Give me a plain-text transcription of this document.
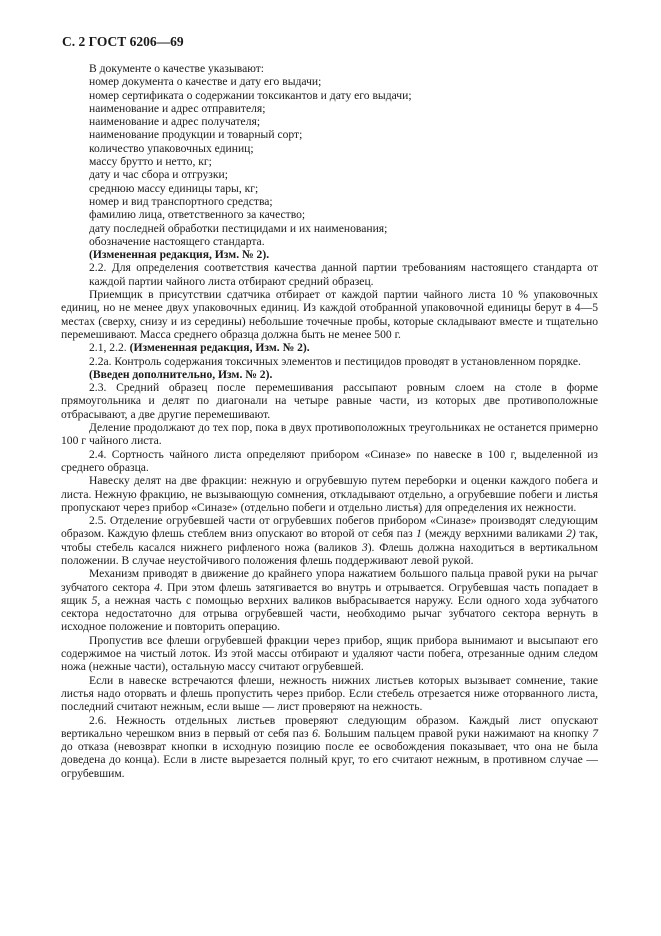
С. 2 ГОСТ 6206—69

В документе о качестве указывают:

номер документа о качестве и дату его выдачи;

номер сертификата о содержании токсикантов и дату его выдачи;

наименование и адрес отправителя;

наименование и адрес получателя;

наименование продукции и товарный сорт;

количество упаковочных единиц;

массу брутто и нетто, кг;

дату и час сбора и отгрузки;

среднюю массу единицы тары, кг;

номер и вид транспортного средства;

фамилию лица, ответственного за качество;

дату последней обработки пестицидами и их наименования;

обозначение настоящего стандарта.

(Измененная редакция, Изм. № 2).

2.2. Для определения соответствия качества данной партии требованиям настоящего стандарта от каждой партии чайного листа отбирают средний образец.

Приемщик в присутствии сдатчика отбирает от каждой партии чайного листа 10 % упаковочных единиц, но не менее двух упаковочных единиц. Из каждой отобранной упаковочной единицы берут в 4—5 местах (сверху, снизу и из середины) небольшие точечные пробы, которые складывают вместе и тщательно перемешивают. Масса среднего образца должна быть не менее 500 г.

2.1, 2.2. (Измененная редакция, Изм. № 2).

2.2а. Контроль содержания токсичных элементов и пестицидов проводят в установленном порядке.

(Введен дополнительно, Изм. № 2).

2.3. Средний образец после перемешивания рассыпают ровным слоем на столе в форме прямоугольника и делят по диагонали на четыре равные части, из которых две противоположные отбрасывают, а две другие перемешивают.

Деление продолжают до тех пор, пока в двух противоположных треугольниках не останется примерно 100 г чайного листа.

2.4. Сортность чайного листа определяют прибором «Синазе» по навеске в 100 г, выделенной из среднего образца.

Навеску делят на две фракции: нежную и огрубевшую путем переборки и оценки каждого побега и листа. Нежную фракцию, не вызывающую сомнения, откладывают отдельно, а огрубевшие побеги и листья пропускают через прибор «Синазе» (отдельно побеги и отдельно листья) для определения их нежности.

2.5. Отделение огрубевшей части от огрубевших побегов прибором «Синазе» производят следующим образом. Каждую флешь стеблем вниз опускают во второй от себя паз 1 (между верхними валиками 2) так, чтобы стебель касался нижнего рифленого ножа (валиков 3). Флешь должна находиться в вертикальном положении. В случае неустойчивого положения флешь поддерживают левой рукой.

Механизм приводят в движение до крайнего упора нажатием большого пальца правой руки на рычаг зубчатого сектора 4. При этом флешь затягивается во внутрь и отрывается. Огрубевшая часть попадает в ящик 5, а нежная часть с помощью верхних валиков выбрасывается наружу. Если одного хода зубчатого сектора недостаточно для отрыва огрубевшей части, необходимо рычаг зубчатого сектора вернуть в исходное положение и повторить операцию.

Пропустив все флеши огрубевшей фракции через прибор, ящик прибора вынимают и высыпают его содержимое на чистый лоток. Из этой массы отбирают и удаляют части побега, отрезанные одним следом ножа (нежные части), остальную массу считают огрубевшей.

Если в навеске встречаются флеши, нежность нижних листьев которых вызывает сомнение, такие листья надо оторвать и флешь пропустить через прибор. Если стебель отрезается ниже оторванного листа, последний считают нежным, если выше — лист проверяют на нежность.

2.6. Нежность отдельных листьев проверяют следующим образом. Каждый лист опускают вертикально черешком вниз в первый от себя паз 6. Большим пальцем правой руки нажимают на кнопку 7 до отказа (невозврат кнопки в исходную позицию после ее освобождения показывает, что она не была доведена до конца). Если в листе вырезается полный круг, то его считают нежным, в противном случае — огрубевшим.
